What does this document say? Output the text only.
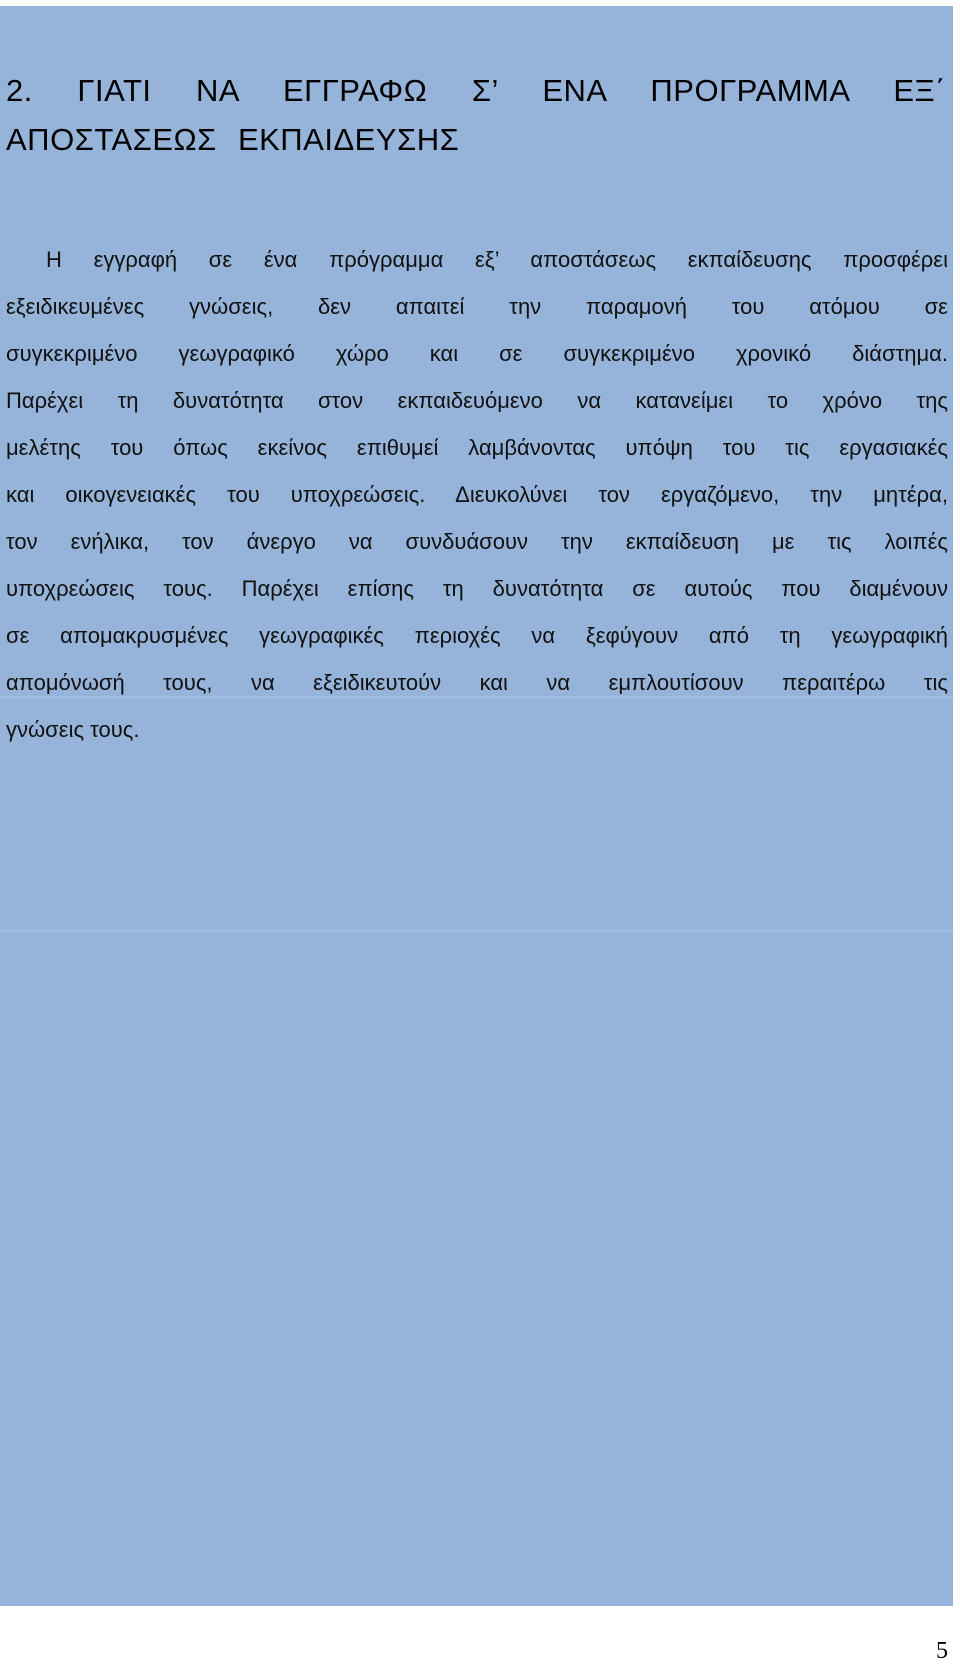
2. ΓΙΑΤΙ ΝΑ ΕΓΓΡΑΦΩ Σ’ ΕΝΑ ΠΡΟΓΡΑΜΜΑ ΕΞ΄
ΑΠΟΣΤΑΣΕΩΣ ΕΚΠΑΙΔΕΥΣΗΣ
Η εγγραφή σε ένα πρόγραμμα εξ’ αποστάσεως εκπαίδευσης προσφέρει
εξειδικευμένες γνώσεις, δεν απαιτεί την παραμονή του ατόμου σε
συγκεκριμένο γεωγραφικό χώρο και σε συγκεκριμένο χρονικό διάστημα.
Παρέχει τη δυνατότητα στον εκπαιδευόμενο να κατανείμει το χρόνο της
μελέτης του όπως εκείνος επιθυμεί λαμβάνοντας υπόψη του τις εργασιακές
και οικογενειακές του υποχρεώσεις. Διευκολύνει τον εργαζόμενο, την μητέρα,
τον ενήλικα, τον άνεργο να συνδυάσουν την εκπαίδευση με τις λοιπές
υποχρεώσεις τους. Παρέχει επίσης τη δυνατότητα σε αυτούς που διαμένουν
σε απομακρυσμένες γεωγραφικές περιοχές να ξεφύγουν από τη γεωγραφική
απομόνωσή τους, να εξειδικευτούν και να εμπλουτίσουν περαιτέρω τις
γνώσεις τους.
5
